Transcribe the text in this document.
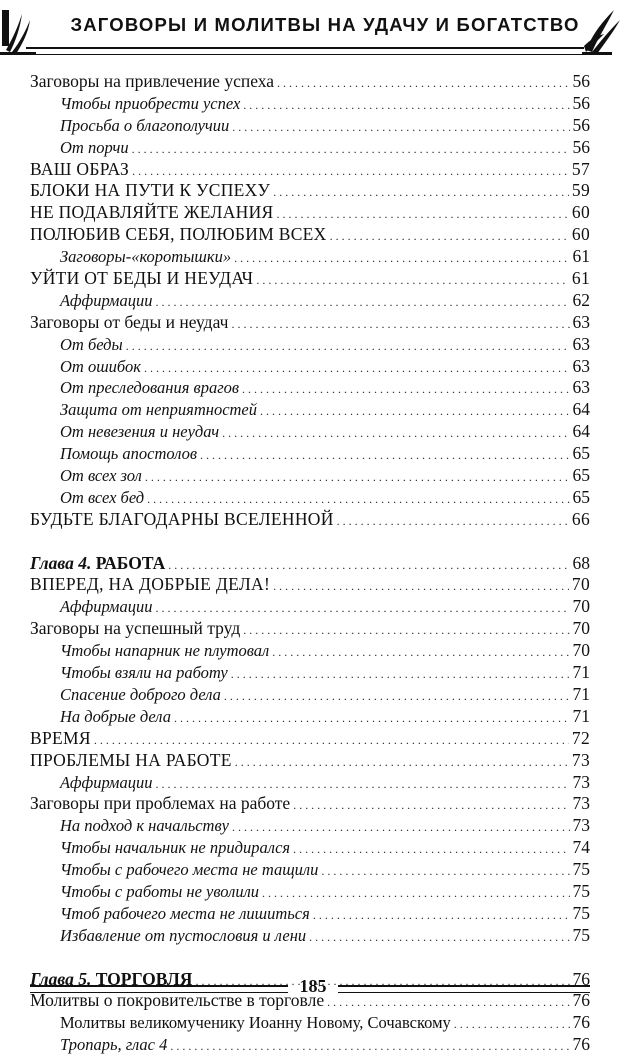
ЗАГОВОРЫ И МОЛИТВЫ НА УДАЧУ И БОГАТСТВО
Заговоры на привлечение успеха . . .	56
Чтобы приобрести успех . . .	56
Просьба о благополучии . . .	56
От порчи . . .	56
ВАШ ОБРАЗ . . .	57
БЛОКИ НА ПУТИ К УСПЕХУ . . .	59
НЕ ПОДАВЛЯЙТЕ ЖЕЛАНИЯ . . .	60
ПОЛЮБИВ СЕБЯ, ПОЛЮБИМ ВСЕХ . . .	60
Заговоры-«коротышки» . . .	61
УЙТИ ОТ БЕДЫ И НЕУДАЧ . . .	61
Аффирмации . . .	62
Заговоры от беды и неудач . . .	63
От беды . . .	63
От ошибок . . .	63
От преследования врагов . . .	63
Защита от неприятностей . . .	64
От невезения и неудач . . .	64
Помощь апостолов . . .	65
От всех зол . . .	65
От всех бед . . .	65
БУДЬТЕ БЛАГОДАРНЫ ВСЕЛЕННОЙ . . .	66
Глава 4. РАБОТА . . .	68
ВПЕРЕД, НА ДОБРЫЕ ДЕЛА! . . .	70
Аффирмации . . .	70
Заговоры на успешный труд . . .	70
Чтобы напарник не плутовал . . .	70
Чтобы взяли на работу . . .	71
Спасение доброго дела . . .	71
На добрые дела . . .	71
ВРЕМЯ . . .	72
ПРОБЛЕМЫ НА РАБОТЕ . . .	73
Аффирмации . . .	73
Заговоры при проблемах на работе . . .	73
На подход к начальству . . .	73
Чтобы начальник не придирался . . .	74
Чтобы с рабочего места не тащили . . .	75
Чтобы с работы не уволили . . .	75
Чтоб рабочего места не лишиться . . .	75
Избавление от пустословия и лени . . .	75
Глава 5. ТОРГОВЛЯ . . .	76
Молитвы о покровительстве в торговле . . .	76
Молитвы великомученику Иоанну Новому, Сочавскому . . .	76
Тропарь, глас 4 . . .	76
185
